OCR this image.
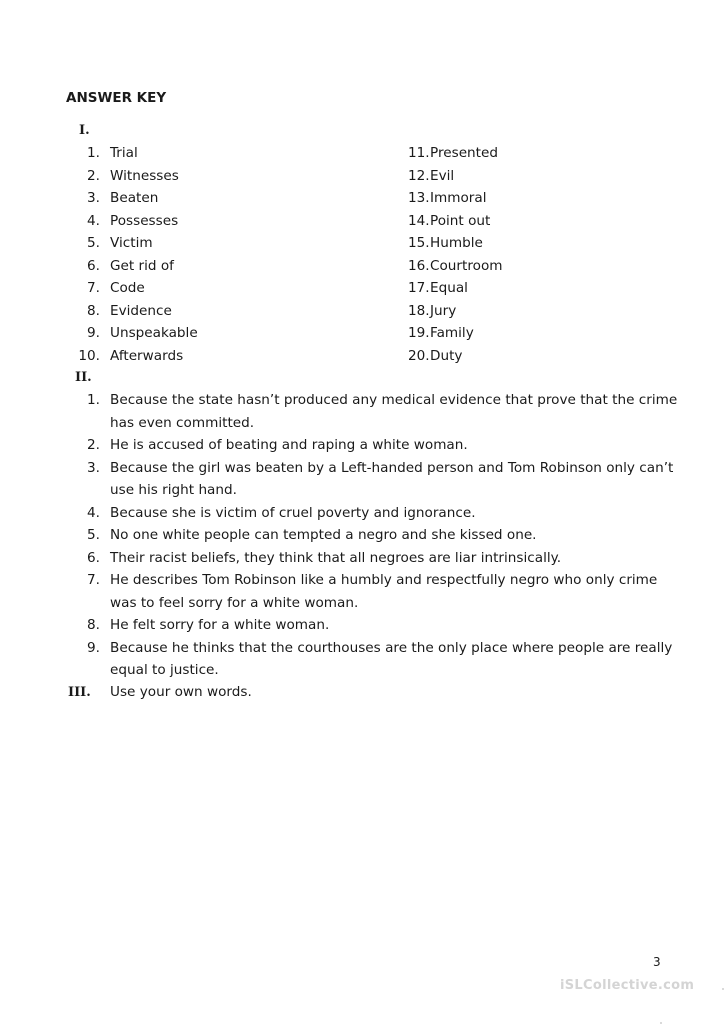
ANSWER KEY
I.
1. Trial
2. Witnesses
3. Beaten
4. Possesses
5. Victim
6. Get rid of
7. Code
8. Evidence
9. Unspeakable
10. Afterwards
11. Presented
12. Evil
13. Immoral
14. Point out
15. Humble
16. Courtroom
17. Equal
18. Jury
19. Family
20. Duty
II.
1. Because the state hasn’t produced any medical evidence that prove that the crime
has even committed.
2. He is accused of beating and raping a white woman.
3. Because the girl was beaten by a Left-handed person and Tom Robinson only can’t
use his right hand.
4. Because she is victim of cruel poverty and ignorance.
5. No one white people can tempted a negro and she kissed one.
6. Their racist beliefs, they think that all negroes are liar intrinsically.
7. He describes Tom Robinson like a humbly and respectfully negro who only crime
was to feel sorry for a white woman.
8. He felt sorry for a white woman.
9. Because he thinks that the courthouses are the only place where people are really
equal to justice.
III. Use your own words.
3
iSLCollective.com
